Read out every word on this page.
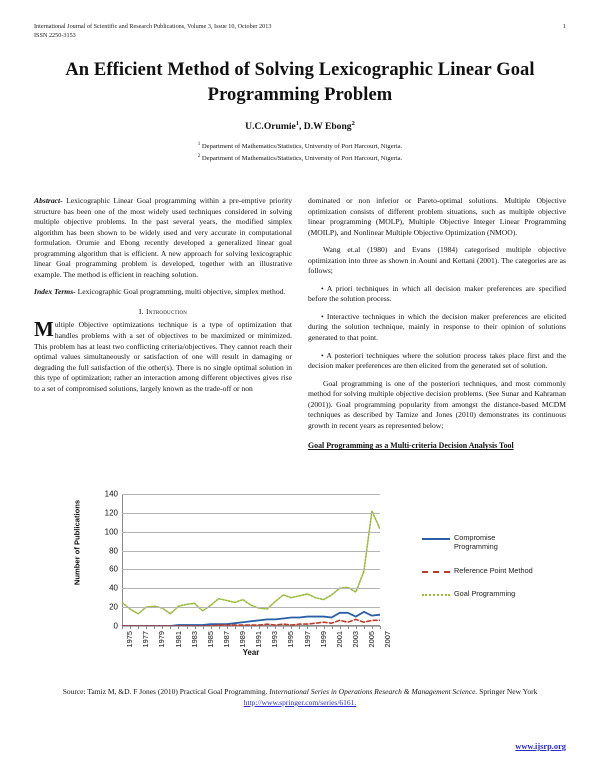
International Journal of Scientific and Research Publications, Volume 3, Issue 10, October 2013
ISSN 2250-3153
1
An Efficient Method of Solving Lexicographic Linear Goal Programming Problem
U.C.Orumie$^1$, D.W Ebong$^2$
$^1$ Department of Mathematics/Statistics, University of Port Harcourt, Nigeria.
$^2$ Department of Mathematics/Statistics, University of Port Harcourt, Nigeria.

Abstract- Lexicographic Linear Goal programming within a pre-emptive priority structure has been one of the most widely used techniques considered in solving multiple objective problems. In the past several years, the modified simplex algorithm has been shown to be widely used and very accurate in computational formulation. Orumie and Ebong recently developed a generalized linear goal programming algorithm that is efficient. A new approach for solving lexicographic linear Goal programming problem is developed, together with an illustrative example. The method is efficient in reaching solution.

Index Terms- Lexicographic Goal programming, multi objective, simplex method.

I. Introduction

Multiple Objective optimizations technique is a type of optimization that handles problems with a set of objectives to be maximized or minimized. This problem has at least two conflicting criteria/objectives. They cannot reach their optimal values simultaneously or satisfaction of one will result in damaging or degrading the full satisfaction of the other(s). There is no single optimal solution in this type of optimization; rather an interaction among different objectives gives rise to a set of compromised solutions, largely known as the trade-off or non

dominated or non inferior or Pareto-optimal solutions. Multiple Objective optimization consists of different problem situations, such as multiple objective linear programming (MOLP), Multiple Objective Integer Linear Programming (MOILP), and Nonlinear Multiple Objective Optimization (NMOO).

Wang et.al (1980) and Evans (1984) categorised multiple objective optimization into three as shown in Aouni and Kettani (2001). The categories are as follows;

• A priori techniques in which all decision maker preferences are specified before the solution process.

• Interactive techniques in which the decision maker preferences are elicited during the solution technique, mainly in response to their opinion of solutions generated to that point.

• A posteriori techniques where the solution process takes place first and the decision maker preferences are then elicited from the generated set of solution.

Goal programming is one of the posteriori techniques, and most commonly method for solving multiple objective decision problems. (See Sunar and Kahraman (2001)). Goal programming popularity from amongst the distance-based MCDM techniques as described by Tamize and Jones (2010) demonstrates its continuous growth in recent years as represented below;

Goal Programming as a Multi-criteria Decision Analysis Tool
Number of Publications
0
20
40
60
80
100
120
140
1975 1977 1979 1981 1983 1985 1987 1989 1991 1993 1995 1997 1999 2001 2003 2005 2007
Year
Compromise
Programming
Reference Point Method
Goal Programming
Source: Tamiz M, &D. F Jones (2010) Practical Goal Programming. International Series in Operations Research & Management Science. Springer New York http://www.springer.com/series/6161.
www.ijsrp.org
